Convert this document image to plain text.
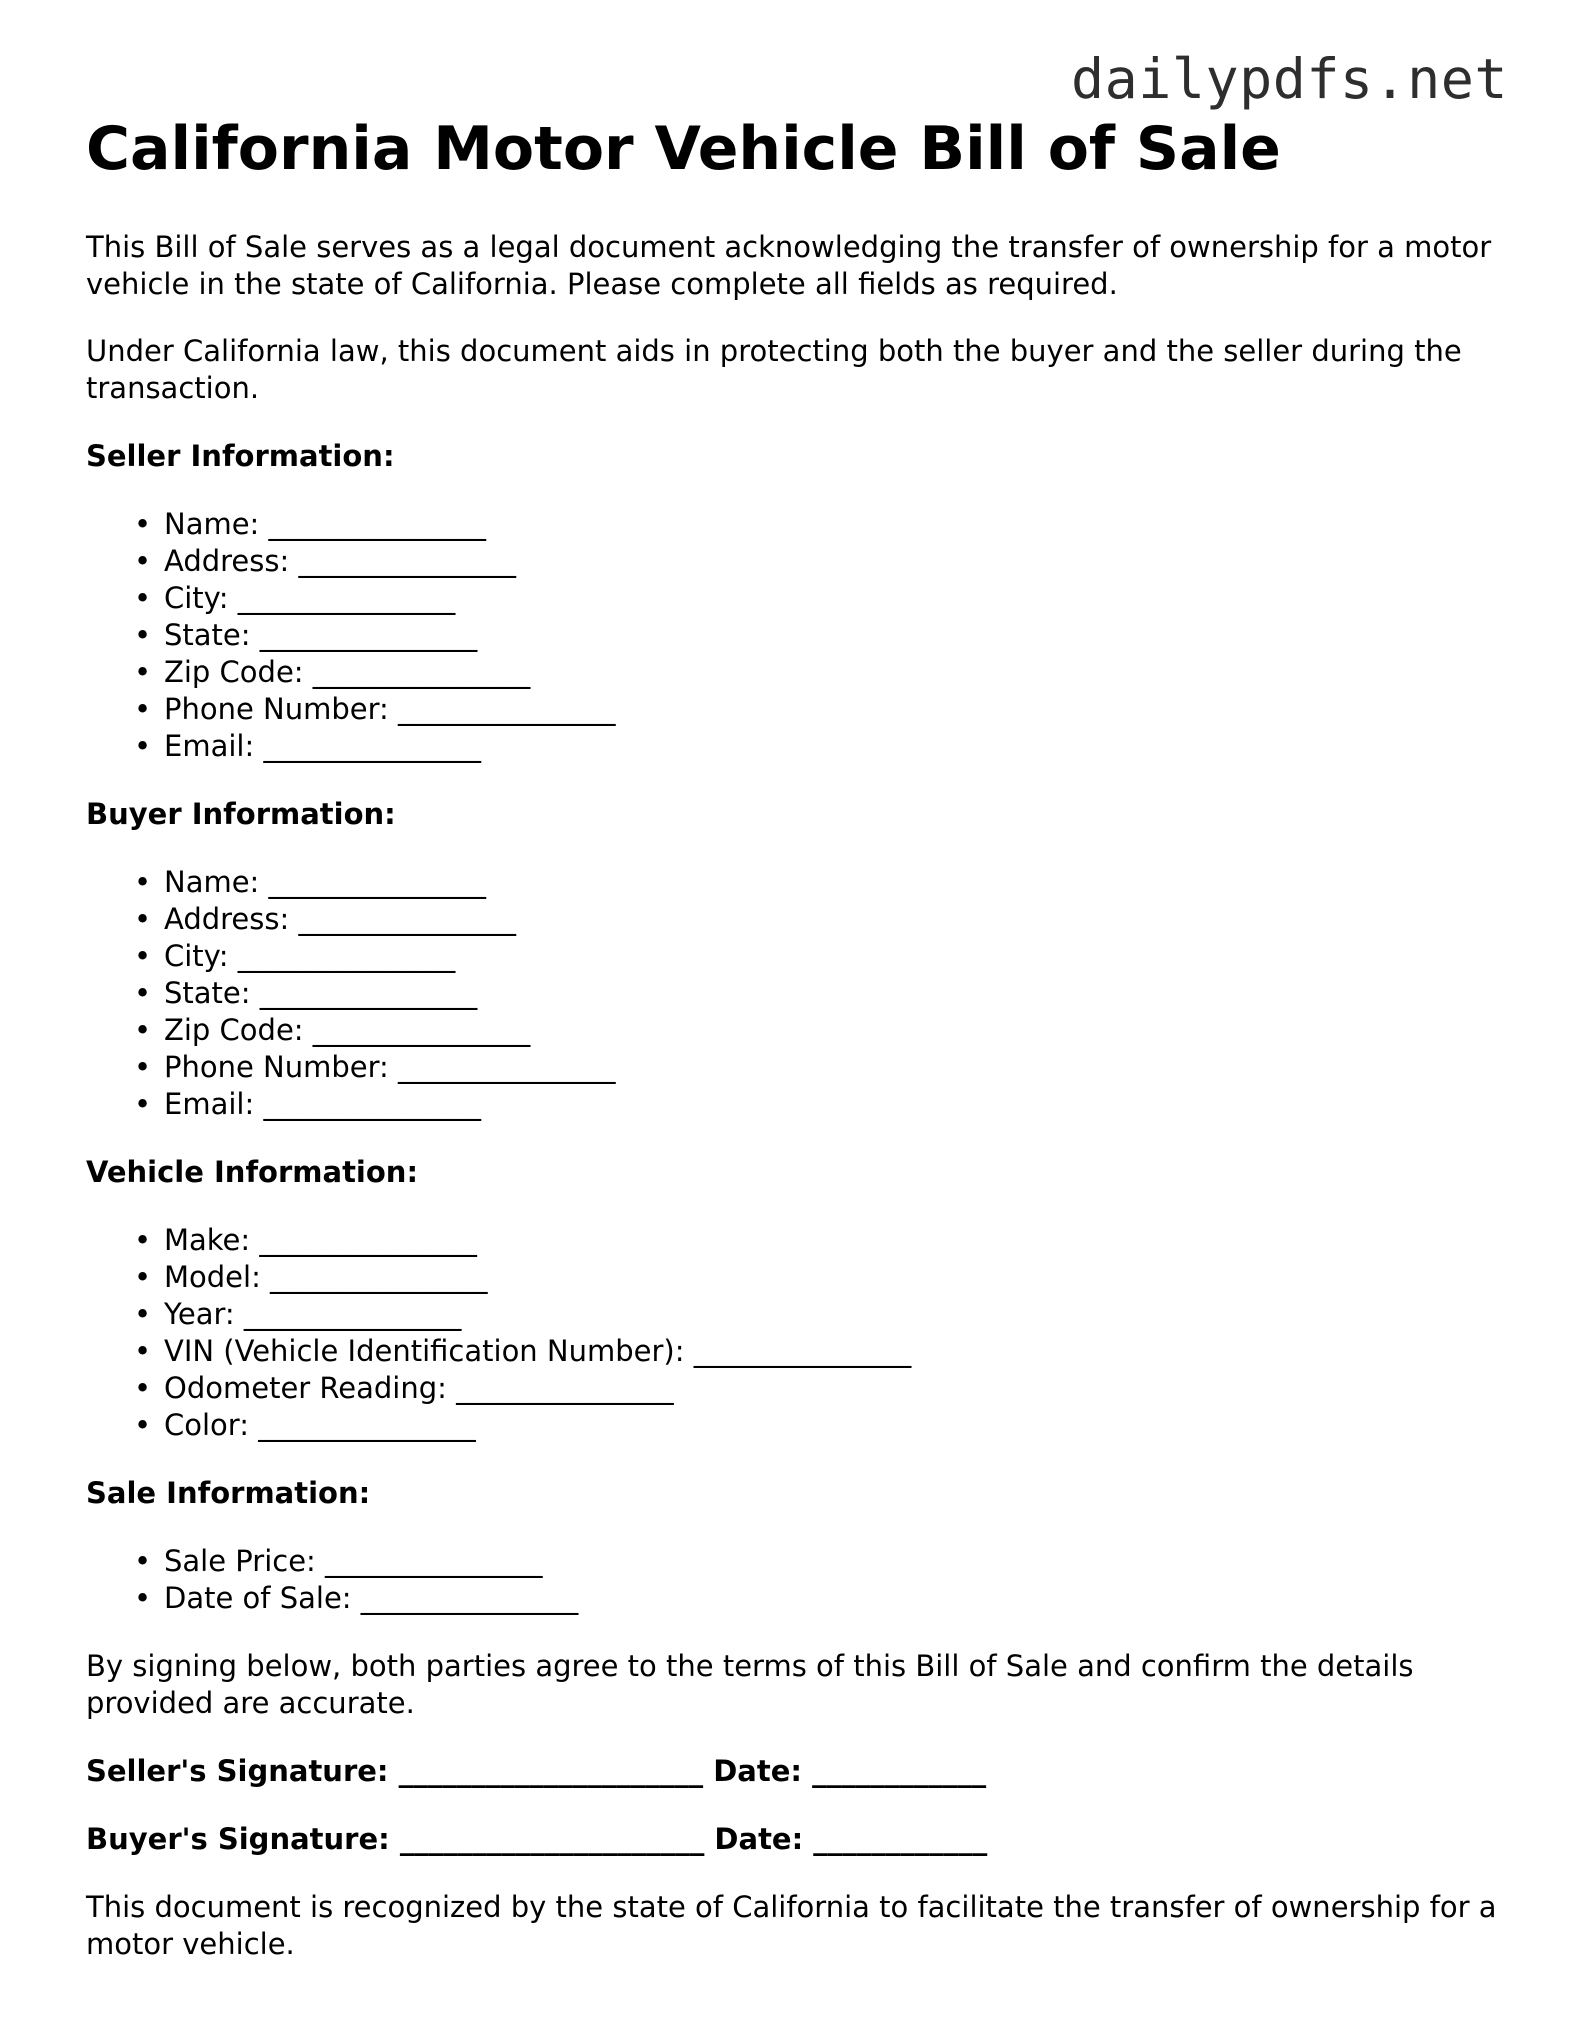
dailypdfs.net
California Motor Vehicle Bill of Sale

This Bill of Sale serves as a legal document acknowledging the transfer of ownership for a motor vehicle in the state of California. Please complete all fields as required.

Under California law, this document aids in protecting both the buyer and the seller during the transaction.

Seller Information:
• Name: _______________
• Address: _______________
• City: _______________
• State: _______________
• Zip Code: _______________
• Phone Number: _______________
• Email: _______________
Buyer Information:
• Name: _______________
• Address: _______________
• City: _______________
• State: _______________
• Zip Code: _______________
• Phone Number: _______________
• Email: _______________
Vehicle Information:
• Make: _______________
• Model: _______________
• Year: _______________
• VIN (Vehicle Identification Number): _______________
• Odometer Reading: _______________
• Color: _______________
Sale Information:
• Sale Price: _______________
• Date of Sale: _______________

By signing below, both parties agree to the terms of this Bill of Sale and confirm the details provided are accurate.

Seller's Signature: _____________________ Date: ____________

Buyer's Signature: _____________________ Date: ____________

This document is recognized by the state of California to facilitate the transfer of ownership for a motor vehicle.
